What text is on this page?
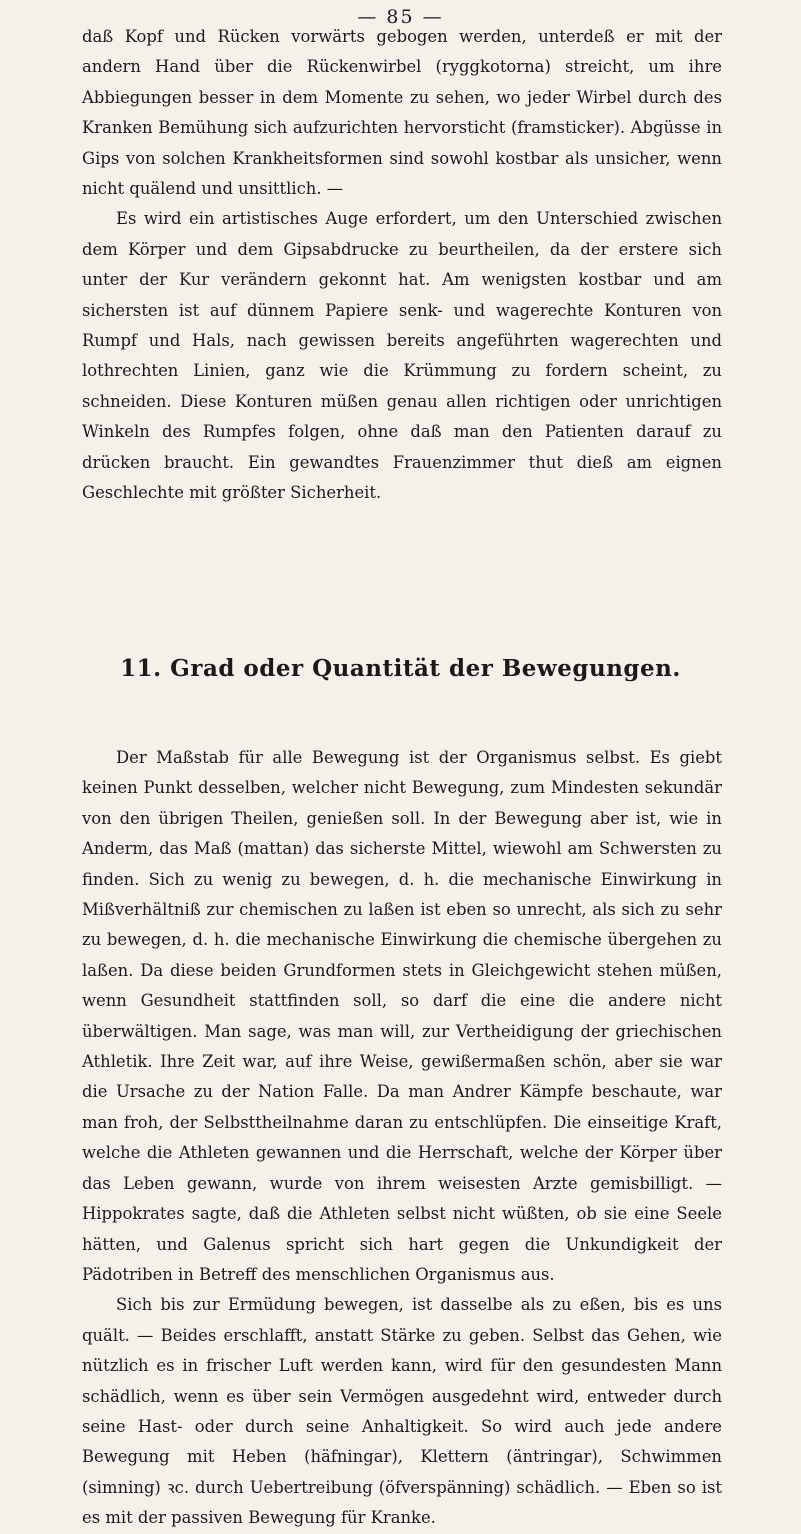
— 85 —

daß Kopf und Rücken vorwärts gebogen werden, unterdeß er mit der andern Hand über die Rückenwirbel (ryggkotorna) streicht, um ihre Abbiegungen besser in dem Momente zu sehen, wo jeder Wirbel durch des Kranken Bemühung sich aufzurichten hervorsticht (framsticker). Abgüsse in Gips von solchen Krankheitsformen sind sowohl kostbar als unsicher, wenn nicht quälend und unsittlich. —

Es wird ein artistisches Auge erfordert, um den Unterschied zwischen dem Körper und dem Gipsabdrucke zu beurtheilen, da der erstere sich unter der Kur verändern gekonnt hat. Am wenigsten kostbar und am sichersten ist auf dünnem Papiere senk- und wagerechte Konturen von Rumpf und Hals, nach gewissen bereits angeführten wagerechten und lothrechten Linien, ganz wie die Krümmung zu fordern scheint, zu schneiden. Diese Konturen müßen genau allen richtigen oder unrichtigen Winkeln des Rumpfes folgen, ohne daß man den Patienten darauf zu drücken braucht. Ein gewandtes Frauenzimmer thut dieß am eignen Geschlechte mit größter Sicherheit.

11. Grad oder Quantität der Bewegungen.

Der Maßstab für alle Bewegung ist der Organismus selbst. Es giebt keinen Punkt desselben, welcher nicht Bewegung, zum Mindesten sekundär von den übrigen Theilen, genießen soll. In der Bewegung aber ist, wie in Anderm, das Maß (mattan) das sicherste Mittel, wiewohl am Schwersten zu finden. Sich zu wenig zu bewegen, d. h. die mechanische Einwirkung in Mißverhältniß zur chemischen zu laßen ist eben so unrecht, als sich zu sehr zu bewegen, d. h. die mechanische Einwirkung die chemische übergehen zu laßen. Da diese beiden Grundformen stets in Gleichgewicht stehen müßen, wenn Gesundheit stattfinden soll, so darf die eine die andere nicht überwältigen. Man sage, was man will, zur Vertheidigung der griechischen Athletik. Ihre Zeit war, auf ihre Weise, gewißermaßen schön, aber sie war die Ursache zu der Nation Falle. Da man Andrer Kämpfe beschaute, war man froh, der Selbsttheilnahme daran zu entschlüpfen. Die einseitige Kraft, welche die Athleten gewannen und die Herrschaft, welche der Körper über das Leben gewann, wurde von ihrem weisesten Arzte gemisbilligt. — Hippokrates sagte, daß die Athleten selbst nicht wüßten, ob sie eine Seele hätten, und Galenus spricht sich hart gegen die Unkundigkeit der Pädotriben in Betreff des menschlichen Organismus aus.

Sich bis zur Ermüdung bewegen, ist dasselbe als zu eßen, bis es uns quält. — Beides erschlafft, anstatt Stärke zu geben. Selbst das Gehen, wie nützlich es in frischer Luft werden kann, wird für den gesundesten Mann schädlich, wenn es über sein Vermögen ausgedehnt wird, entweder durch seine Hast- oder durch seine Anhaltigkeit. So wird auch jede andere Bewegung mit Heben (häfningar), Klettern (äntringar), Schwimmen (simning) ꝛc. durch Uebertreibung (öfverspänning) schädlich. — Eben so ist es mit der passiven Bewegung für Kranke.
